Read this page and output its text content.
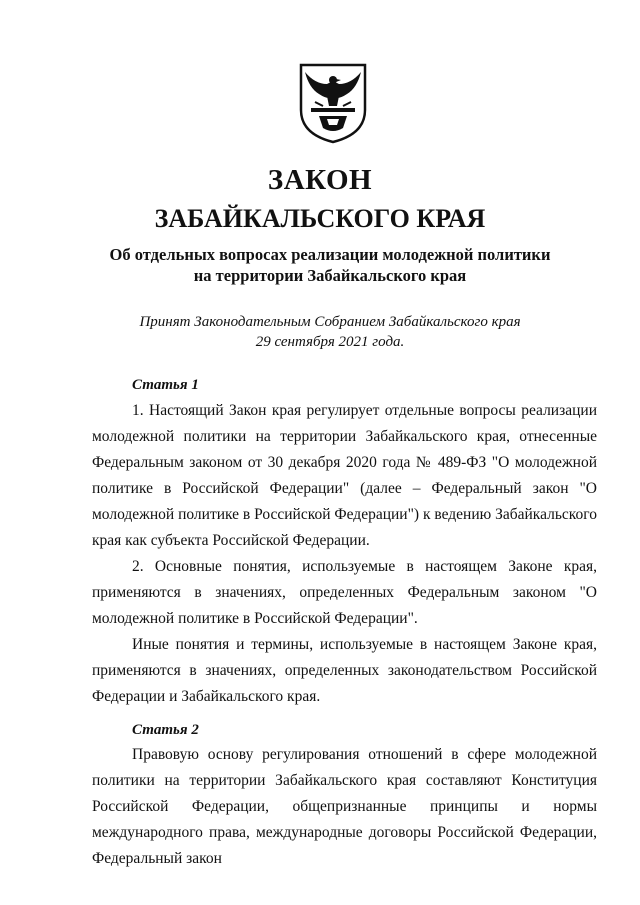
ЗАКОН
ЗАБАЙКАЛЬСКОГО КРАЯ
Об отдельных вопросах реализации молодежной политики
на территории Забайкальского края
Принят Законодательным Собранием Забайкальского края
29 сентября 2021 года.
Статья 1
1. Настоящий Закон края регулирует отдельные вопросы реализации молодежной политики на территории Забайкальского края, отнесенные Федеральным законом от 30 декабря 2020 года № 489-ФЗ "О молодежной политике в Российской Федерации" (далее – Федеральный закон "О молодежной политике в Российской Федерации") к ведению Забайкальского края как субъекта Российской Федерации.
2. Основные понятия, используемые в настоящем Законе края, применяются в значениях, определенных Федеральным законом "О молодежной политике в Российской Федерации".
Иные понятия и термины, используемые в настоящем Законе края, применяются в значениях, определенных законодательством Российской Федерации и Забайкальского края.
Статья 2
Правовую основу регулирования отношений в сфере молодежной политики на территории Забайкальского края составляют Конституция Российской Федерации, общепризнанные принципы и нормы международного права, международные договоры Российской Федерации, Федеральный закон
